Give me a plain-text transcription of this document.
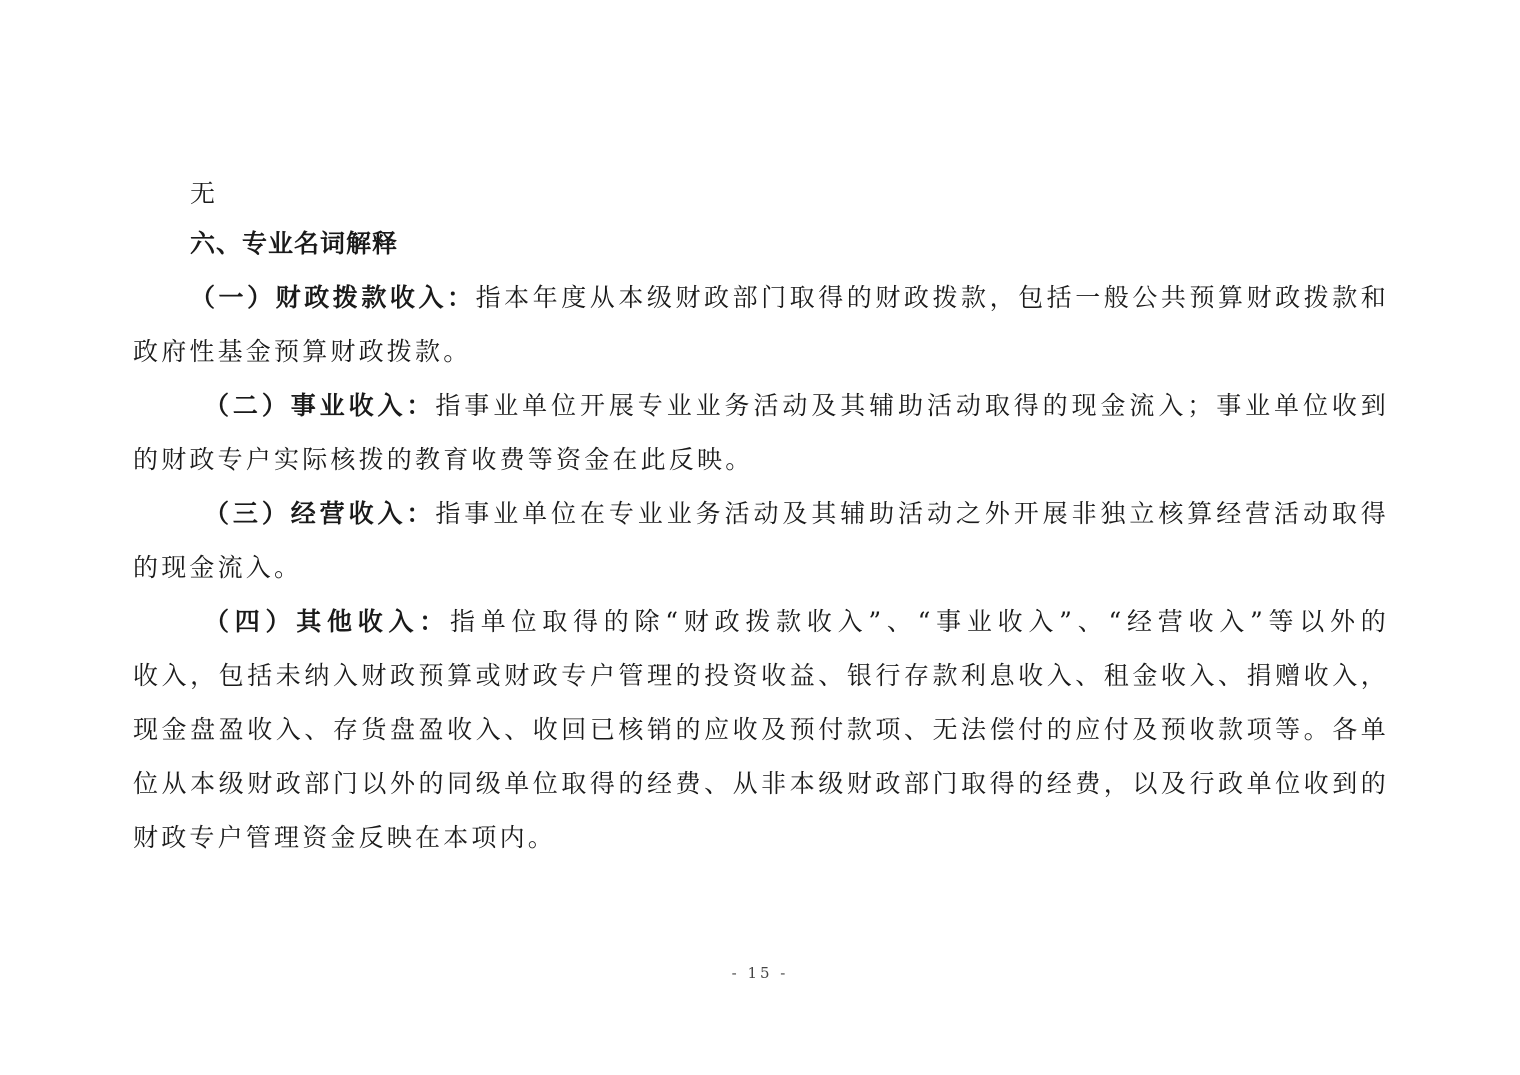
无
六、专业名词解释
（一）财政拨款收入：指本年度从本级财政部门取得的财政拨款，包括一般公共预算财政拨款和
政府性基金预算财政拨款。
（二）事业收入：指事业单位开展专业业务活动及其辅助活动取得的现金流入；事业单位收到
的财政专户实际核拨的教育收费等资金在此反映。
（三）经营收入：指事业单位在专业业务活动及其辅助活动之外开展非独立核算经营活动取得
的现金流入。
（四）其他收入：指单位取得的除“财政拨款收入”、“事业收入”、“经营收入”等以外的
收入，包括未纳入财政预算或财政专户管理的投资收益、银行存款利息收入、租金收入、捐赠收入，
现金盘盈收入、存货盘盈收入、收回已核销的应收及预付款项、无法偿付的应付及预收款项等。各单
位从本级财政部门以外的同级单位取得的经费、从非本级财政部门取得的经费，以及行政单位收到的
财政专户管理资金反映在本项内。
- 15 -
